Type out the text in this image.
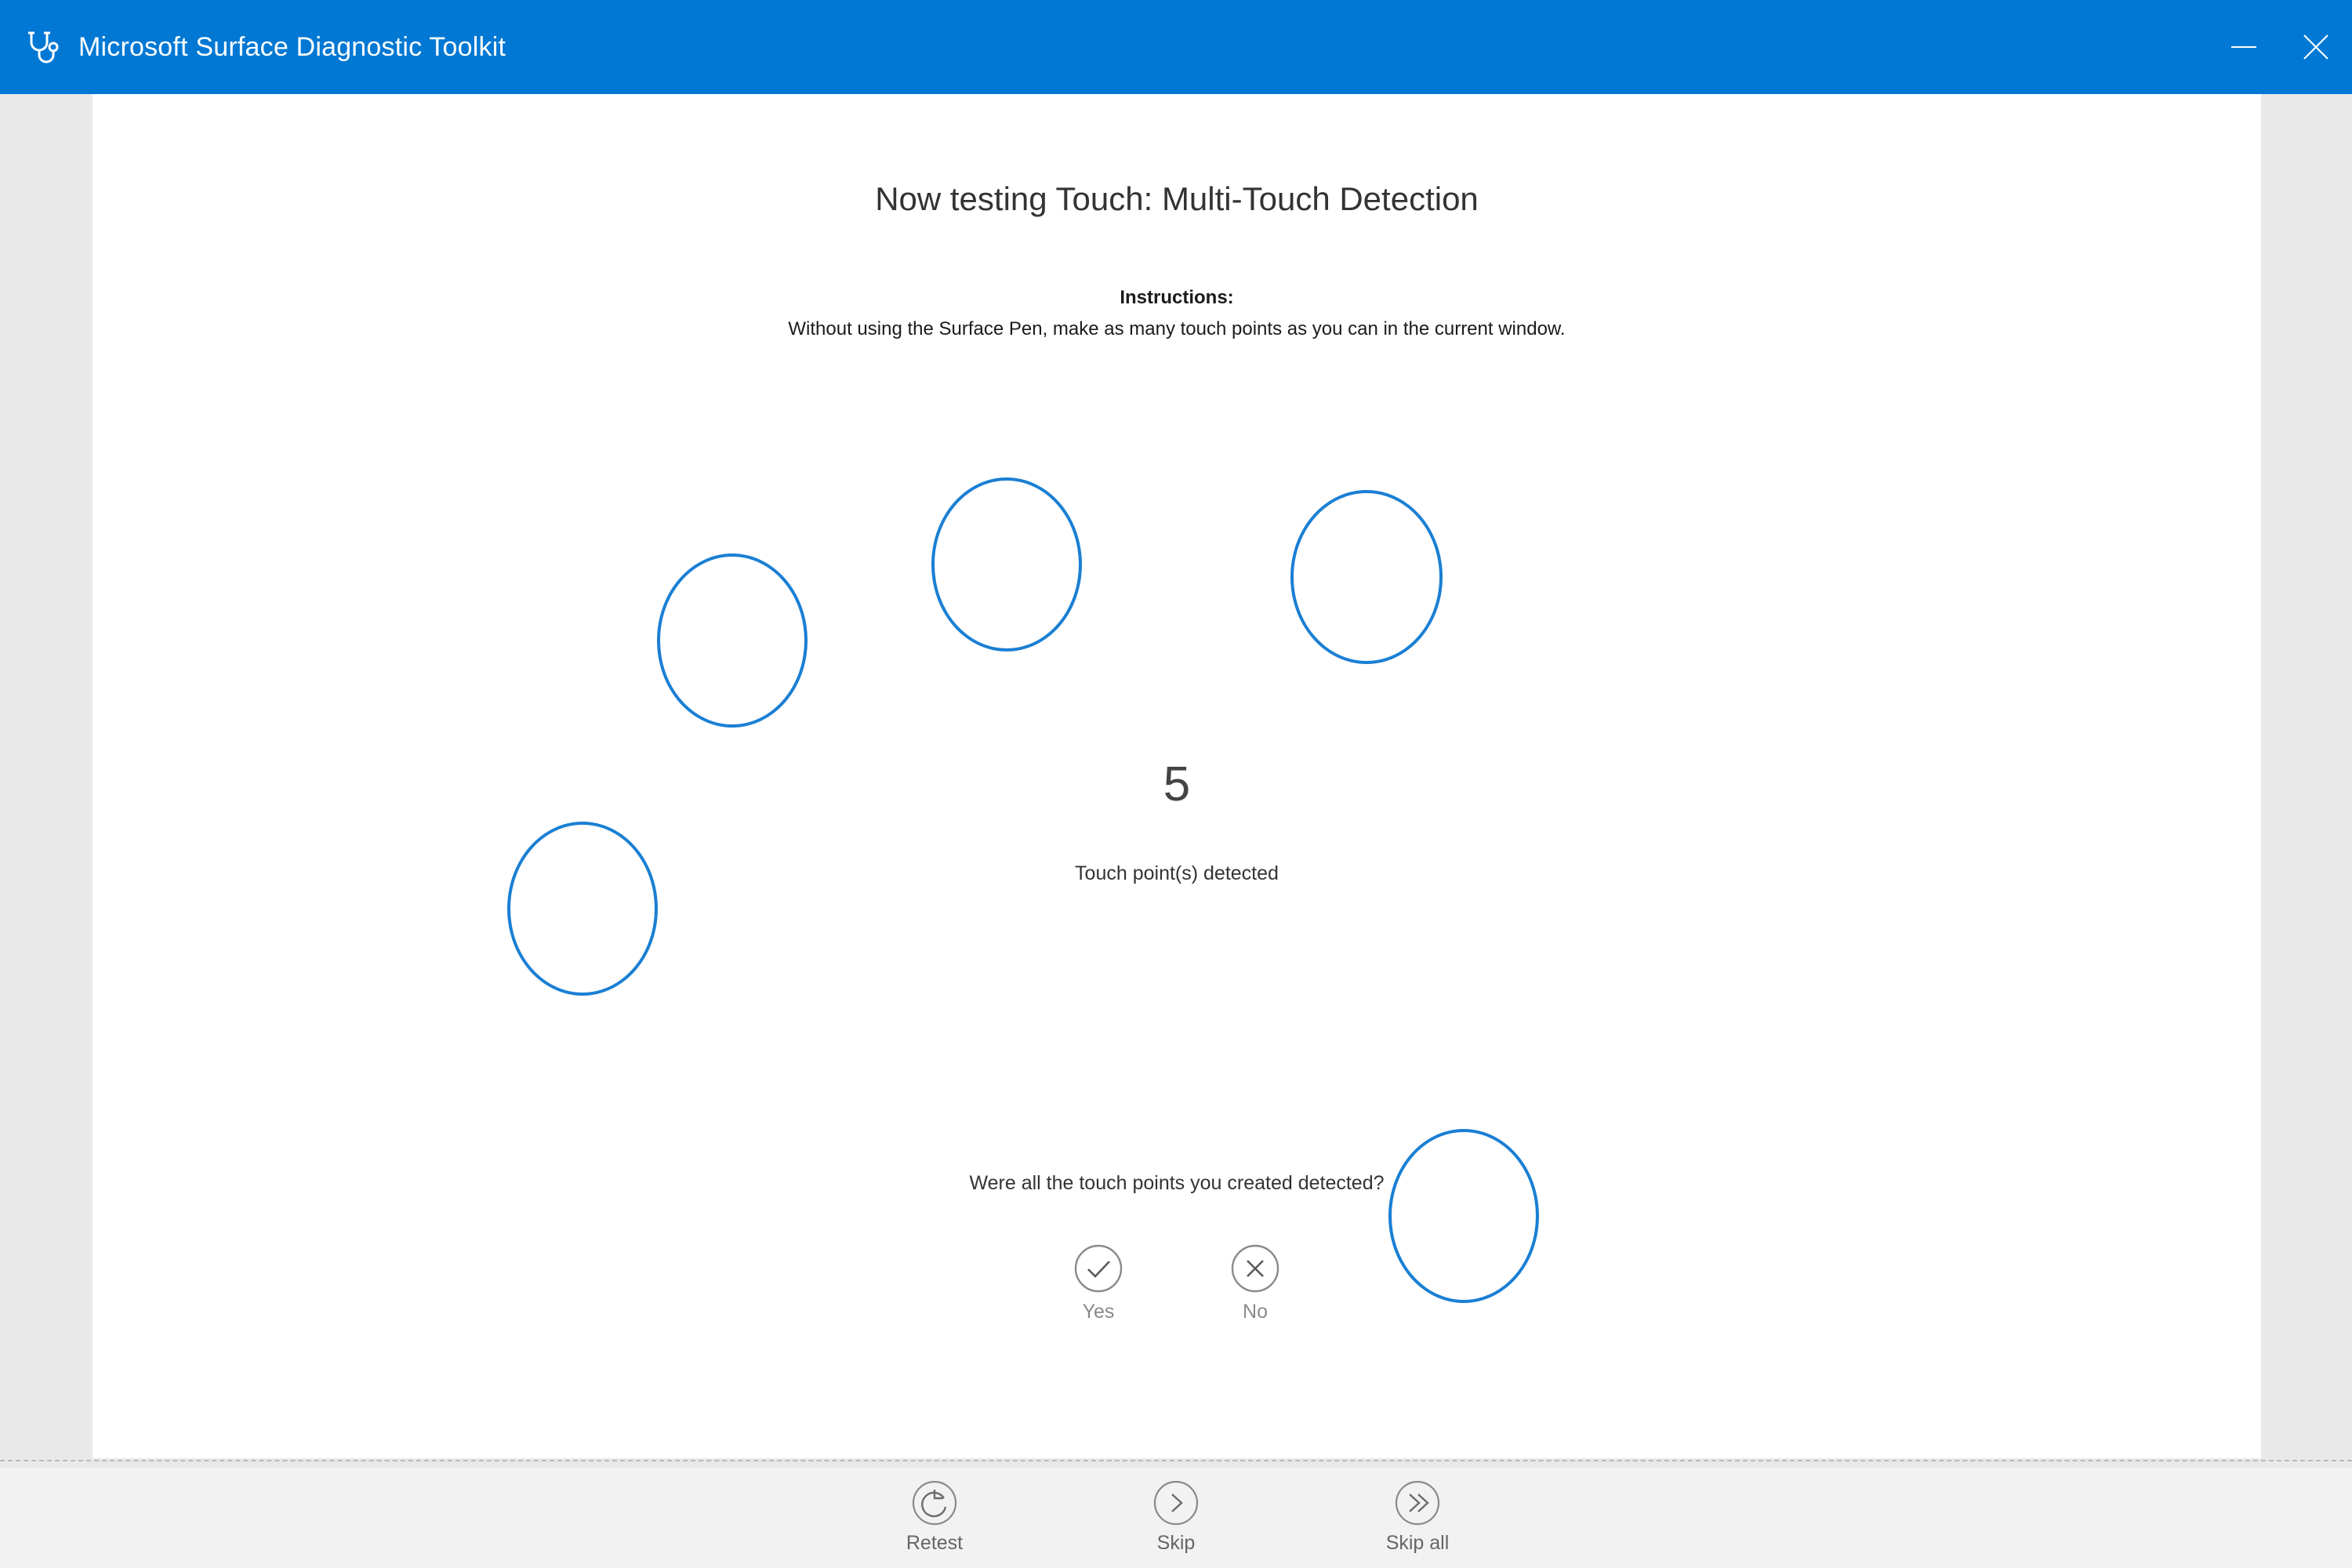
Microsoft Surface Diagnostic Toolkit
Now testing Touch: Multi-Touch Detection
Instructions:
Without using the Surface Pen, make as many touch points as you can in the current window.
5
Touch point(s) detected
Were all the touch points you created detected?
Yes	No
Retest	Skip	Skip all
